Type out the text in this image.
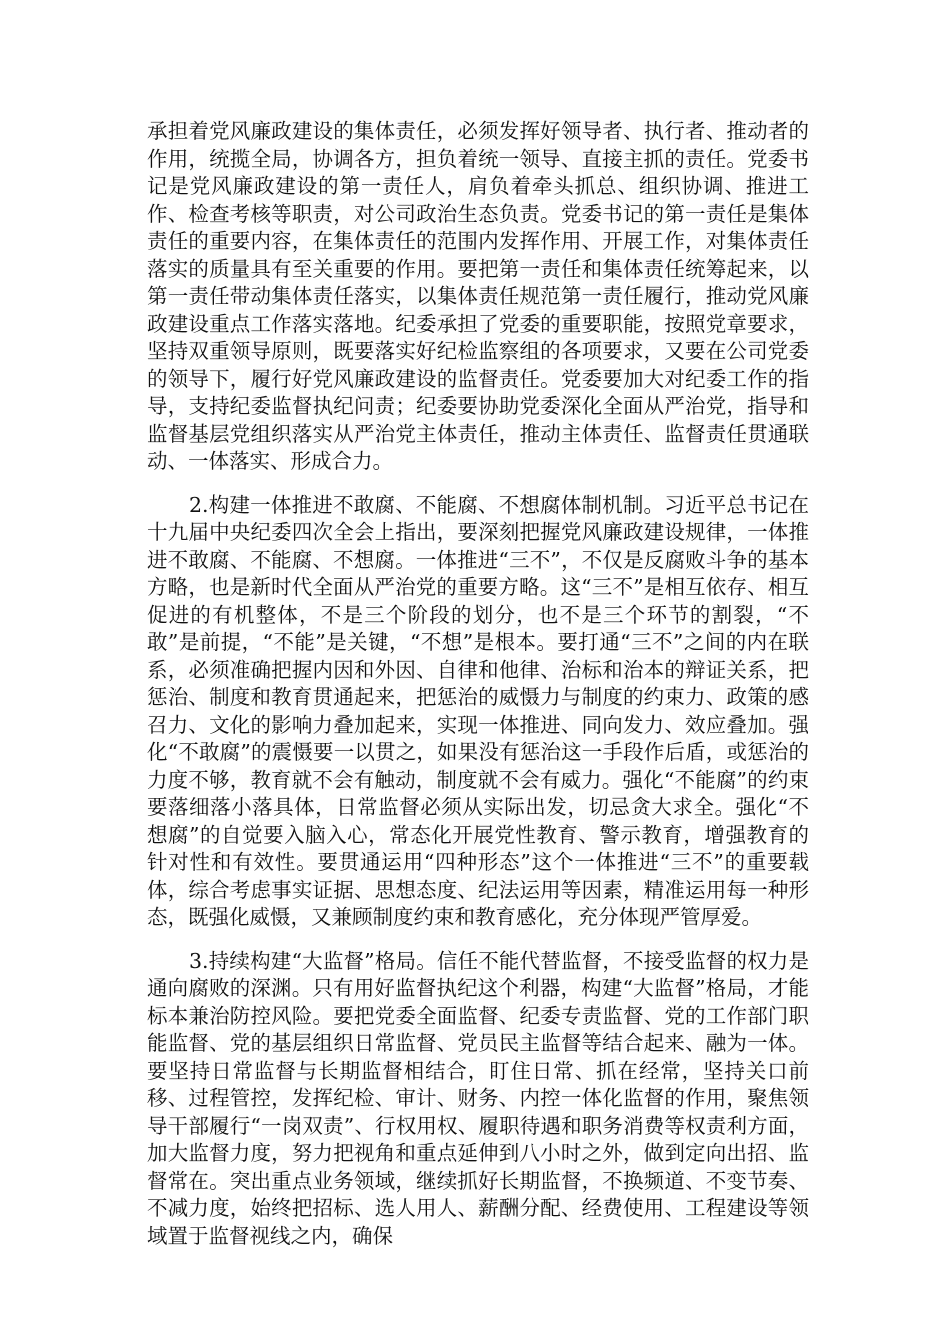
承担着党风廉政建设的集体责任，必须发挥好领导者、执行者、推动者的作用，统揽全局，协调各方，担负着统一领导、直接主抓的责任。党委书记是党风廉政建设的第一责任人，肩负着牵头抓总、组织协调、推进工作、检查考核等职责，对公司政治生态负责。党委书记的第一责任是集体责任的重要内容，在集体责任的范围内发挥作用、开展工作，对集体责任落实的质量具有至关重要的作用。要把第一责任和集体责任统筹起来，以第一责任带动集体责任落实，以集体责任规范第一责任履行，推动党风廉政建设重点工作落实落地。纪委承担了党委的重要职能，按照党章要求，坚持双重领导原则，既要落实好纪检监察组的各项要求，又要在公司党委的领导下，履行好党风廉政建设的监督责任。党委要加大对纪委工作的指导，支持纪委监督执纪问责；纪委要协助党委深化全面从严治党，指导和监督基层党组织落实从严治党主体责任，推动主体责任、监督责任贯通联动、一体落实、形成合力。

2.构建一体推进不敢腐、不能腐、不想腐体制机制。习近平总书记在十九届中央纪委四次全会上指出，要深刻把握党风廉政建设规律，一体推进不敢腐、不能腐、不想腐。一体推进“三不”，不仅是反腐败斗争的基本方略，也是新时代全面从严治党的重要方略。这“三不”是相互依存、相互促进的有机整体，不是三个阶段的划分，也不是三个环节的割裂，“不敢”是前提，“不能”是关键，“不想”是根本。要打通“三不”之间的内在联系，必须准确把握内因和外因、自律和他律、治标和治本的辩证关系，把惩治、制度和教育贯通起来，把惩治的威慑力与制度的约束力、政策的感召力、文化的影响力叠加起来，实现一体推进、同向发力、效应叠加。强化“不敢腐”的震慑要一以贯之，如果没有惩治这一手段作后盾，或惩治的力度不够，教育就不会有触动，制度就不会有威力。强化“不能腐”的约束要落细落小落具体，日常监督必须从实际出发，切忌贪大求全。强化“不想腐”的自觉要入脑入心，常态化开展党性教育、警示教育，增强教育的针对性和有效性。要贯通运用“四种形态”这个一体推进“三不”的重要载体，综合考虑事实证据、思想态度、纪法运用等因素，精准运用每一种形态，既强化威慑，又兼顾制度约束和教育感化，充分体现严管厚爱。

3.持续构建“大监督”格局。信任不能代替监督，不接受监督的权力是通向腐败的深渊。只有用好监督执纪这个利器，构建“大监督”格局，才能标本兼治防控风险。要把党委全面监督、纪委专责监督、党的工作部门职能监督、党的基层组织日常监督、党员民主监督等结合起来、融为一体。要坚持日常监督与长期监督相结合，盯住日常、抓在经常，坚持关口前移、过程管控，发挥纪检、审计、财务、内控一体化监督的作用，聚焦领导干部履行“一岗双责”、行权用权、履职待遇和职务消费等权责利方面，加大监督力度，努力把视角和重点延伸到八小时之外，做到定向出招、监督常在。突出重点业务领域，继续抓好长期监督，不换频道、不变节奏、不减力度，始终把招标、选人用人、薪酬分配、经费使用、工程建设等领域置于监督视线之内，确保
